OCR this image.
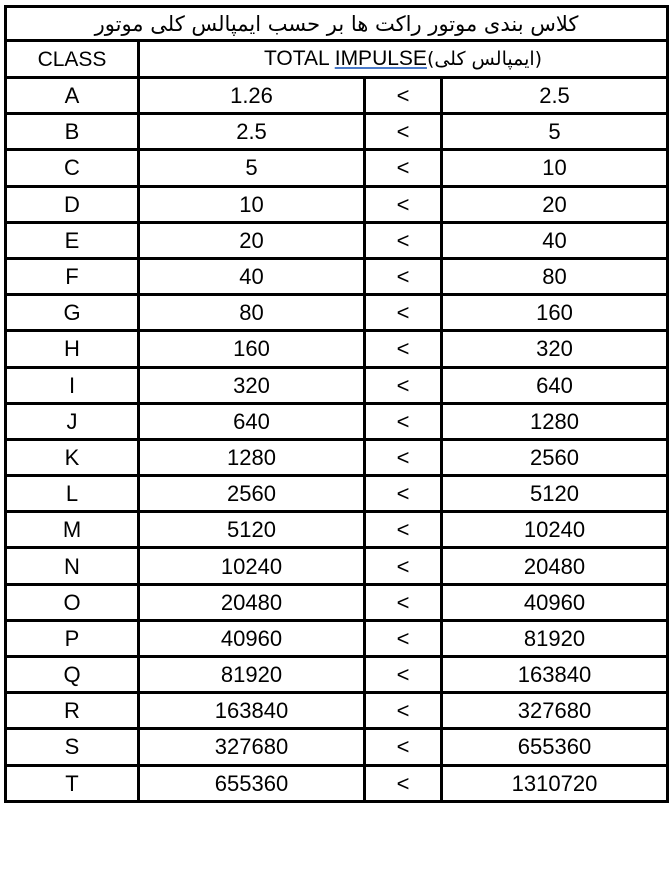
کلاس بندی موتور راکت ها بر حسب ایمپالس کلی موتور			
CLASS	TOTAL IMPULSE(ایمپالس کلی)		
A	1.26	<	2.5
B	2.5	<	5
C	5	<	10
D	10	<	20
E	20	<	40
F	40	<	80
G	80	<	160
H	160	<	320
I	320	<	640
J	640	<	1280
K	1280	<	2560
L	2560	<	5120
M	5120	<	10240
N	10240	<	20480
O	20480	<	40960
P	40960	<	81920
Q	81920	<	163840
R	163840	<	327680
S	327680	<	655360
T	655360	<	1310720
